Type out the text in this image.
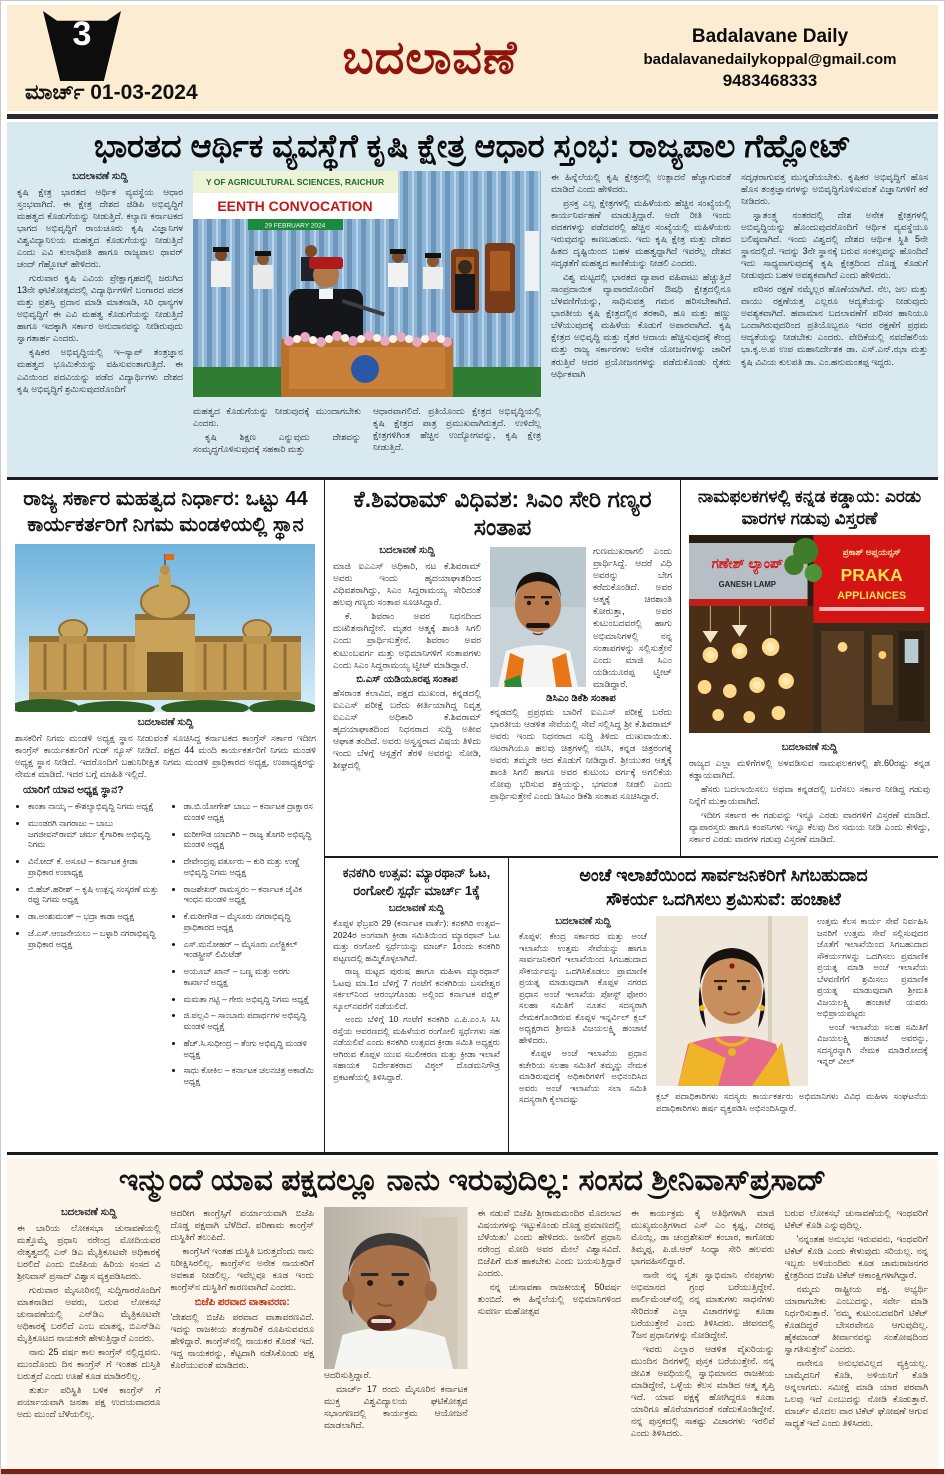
3
ಮಾರ್ಚ್ 01-03-2024
ಬದಲಾವಣೆ	Badalavane Daily
badalavanedailykoppal@gmail.com
9483468333
ಭಾರತದ ಆರ್ಥಿಕ ವ್ಯವಸ್ಥೆಗೆ ಕೃಷಿ ಕ್ಷೇತ್ರ ಆಧಾರ ಸ್ತಂಭ: ರಾಜ್ಯಪಾಲ ಗೆಹ್ಲೋಟ್
ಬದಲಾವಣೆ ಸುದ್ದಿ

ಕೃಷಿ ಕ್ಷೇತ್ರ ಭಾರತದ ಆರ್ಥಿಕ ವ್ಯವಸ್ಥೆಯ ಆಧಾರ ಸ್ತಂಭವಾಗಿದೆ. ಈ ಕ್ಷೇತ್ರ ದೇಶದ ಜಿಡಿಪಿ ಅಭಿವೃದ್ಧಿಗೆ ಮಹತ್ವದ ಕೊಡುಗೆಯನ್ನು ನೀಡುತ್ತಿದೆ. ಕಲ್ಯಾಣ ಕರ್ನಾಟಕದ ಭಾಗದ ಅಭಿವೃದ್ಧಿಗೆ ರಾಯಚೂರು ಕೃಷಿ ವಿಜ್ಞಾನಿಗಳ ವಿಶ್ವವಿದ್ಯಾನಿಲಯ ಮಹತ್ವದ ಕೊಡುಗೆಯನ್ನು ನೀಡುತ್ತಿದೆ ಎಂದು ಎವಿ ಕುಲಾಧಿಪತಿ ಹಾಗೂ ರಾಜ್ಯಪಾಲ ಥಾವರ್ ಚಂದ್ ಗೆಹ್ಲೋಟ್ ಹೇಳಿದರು.

ಗುರುವಾರ ಕೃಷಿ ಎವಿಯ ಪ್ರೇಕ್ಷಾಗೃಹದಲ್ಲಿ ಜರುಗಿದ 13ನೇ ಘಟಿಕೋತ್ಸವದಲ್ಲಿ ವಿದ್ಯಾರ್ಥಿಗಳಿಗೆ ಬಂಗಾರದ ಪದಕ ಮತ್ತು ಪ್ರಶಸ್ತಿ ಪ್ರದಾನ ಮಾಡಿ ಮಾತನಾಡಿ, ಸಿರಿ ಧಾನ್ಯಗಳ ಅಭಿವೃದ್ಧಿಗೆ ಈ ಎವಿ ಮಹತ್ವ ಕೊಡುಗೆಯನ್ನು ನೀಡುತ್ತಿದೆ ಹಾಗೂ ಇದಕ್ಕಾಗಿ ಸರ್ಕಾರ ಅನುದಾನವನ್ನು ನೀಡಿರುವುದು ಸ್ವಾಗತಾರ್ಹ ಎಂದರು.

ಕೃಷಿಕರ ಅಭಿವೃದ್ಧಿಯಲ್ಲಿ ಇ–ಸ್ಯಾಪ್ ತಂತ್ರಜ್ಞಾನ ಮಹತ್ವದ ಭೂಮಿಕೆಯನ್ನು ವಹಿಸುವಂತಾಗುತ್ತಿದೆ. ಈ ಎವಿಯಿಂದ ಪದವಿಯನ್ನು ಪಡೆದ ವಿದ್ಯಾರ್ಥಿಗಳು ದೇಶದ ಕೃಷಿ ಅಭಿವೃದ್ಧಿಗೆ ಶ್ರಮಿಸುವುದರೊಂದಿಗೆ

Y OF AGRICULTURAL SCIENCES, RAICHUR
EENTH CONVOCATION
29 FEBRUARY 2024

ಮಹತ್ವದ ಕೊಡುಗೆಯನ್ನು ನೀಡುವುದಕ್ಕೆ ಮುಂದಾಗಬೇಕು ಎಂದರು.

ಕೃಷಿ ಶಿಕ್ಷಣ ಎನ್ನುವುದು ದೇಶವನ್ನು ಸಂಮೃದ್ಧಗೊಳಿಸುವುದಕ್ಕೆ ಸಹಕಾರಿ ಮತ್ತು

ಆಧಾರವಾಗಲಿದೆ. ಪ್ರತಿಯೊಂದು ಕ್ಷೇತ್ರದ ಅಭಿವೃದ್ಧಿಯಲ್ಲಿ ಕೃಷಿ ಕ್ಷೇತ್ರದ ಪಾತ್ರ ಪ್ರಮುಖವಾಗಿರುತ್ತದೆ. ಉಳಿದೆಲ್ಲ ಕ್ಷೇತ್ರಗಳಿಗಿಂತ ಹೆಚ್ಚಿನ ಉದ್ಯೋಗವನ್ನು, ಕೃಷಿ ಕ್ಷೇತ್ರ ನೀಡುತ್ತಿದೆ.

ಈ ಹಿನ್ನೆಲೆಯಲ್ಲಿ ಕೃಷಿ ಕ್ಷೇತ್ರದಲ್ಲಿ ಉತ್ಪಾದನೆ ಹೆಚ್ಚಾಗುವಂತೆ ಮಾಡಿದೆ ಎಂದು ಹೇಳಿದರು.

ಪ್ರಸಕ್ತ ಎಲ್ಲ ಕ್ಷೇತ್ರಗಳಲ್ಲಿ ಮಹಿಳೆಯರು ಹೆಚ್ಚಿನ ಸಂಖ್ಯೆಯಲ್ಲಿ ಕಾರ್ಯನಿರ್ವಹಣೆ ಮಾಡುತ್ತಿದ್ದಾರೆ. ಅದೇ ರೀತಿ ಇಂದು ಪದಕಗಳನ್ನು ಪಡೆದವರಲ್ಲಿ ಹೆಚ್ಚಿನ ಸಂಖ್ಯೆಯಲ್ಲಿ ಮಹಿಳೆಯರು ಇರುವುದನ್ನು ಕಾಣಬಹುದು. ಇದು ಕೃಷಿ ಕ್ಷೇತ್ರ ಮತ್ತು ದೇಶದ ಹಿತದ ದೃಷ್ಟಿಯಿಂದ ಬಹಳ ಮಹತ್ವದ್ದಾಗಿದೆ ಇವರೆಲ್ಲ ದೇಶದ ಸದೃಢತೆಗೆ ಮಹತ್ವದ ಕಾಣಿಕೆಯನ್ನು ನೀಡಲಿ ಎಂದರು.

ವಿಶ್ವ ಮಟ್ಟದಲ್ಲಿ ಭಾರತದ ವ್ಯಾಪಾರ ವಹಿವಾಟು ಹೆಚ್ಚುತ್ತಿದೆ ಸಾಂಪ್ರದಾಯಿಕ ವ್ಯಾಪಾರದೊಂದಿಗೆ ಔಷಧಿ ಕ್ಷೇತ್ರದಲ್ಲಿನೂ ಬೆಳವಣಿಗೆಯನ್ನು, ಸಾಧಿಸುವತ್ತ ಗಮನ ಹರಿಸಬೇಕಾಗಿದೆ. ಭಾರತೀಯ ಕೃಷಿ ಕ್ಷೇತ್ರದಲ್ಲಿನ ತರಕಾರಿ, ಹೂ ಮತ್ತು ಹಣ್ಣು ಬೆಳೆಯುವುದಕ್ಕೆ ಮಹಿಳೆಯ ಕೊಡುಗೆ ಅಪಾರವಾಗಿದೆ. ಕೃಷಿ ಕ್ಷೇತ್ರದ ಅಭಿವೃದ್ಧಿ ಮತ್ತು ರೈತರ ಆದಾಯ ಹೆಚ್ಚಿಸುವುದಕ್ಕೆ ಕೇಂದ್ರ ಮತ್ತು ರಾಜ್ಯ ಸರ್ಕಾರಗಳು ಅನೇಕ ಯೋಜನೆಗಳನ್ನು ಜಾರಿಗೆ ತರುತ್ತಿವೆ ಆದರ ಪ್ರಯೋಜನಗಳನ್ನು ಪಡೆದುಕೊಂಡು ರೈತರು ಆರ್ಥಿಕವಾಗಿ

ಸದೃಢರಾಗುವತ್ತ ಮುನ್ನಡೆಯಬೇಕು. ಕೃಷಿಕರ ಅಭಿವೃದ್ಧಿಗೆ ಹೊಸ ಹೊಸ ತಂತ್ರಜ್ಞಾನಗಳನ್ನು ಅಬಿವೃದ್ಧಿಗೊಳಿಸುವಂತೆ ವಿಜ್ಞಾನಿಗಳಿಗೆ ಕರೆ ನೀಡಿದರು.

ಸ್ವಾತಂತ್ರ್ಯ ನಂತರದಲ್ಲಿ ದೇಶ ಅನೇಕ ಕ್ಷೇತ್ರಗಳಲ್ಲಿ ಅಬಿವೃದ್ಧಿಯನ್ನು ಹೊಂದುವುದರೊಂದಿಗೆ ಆರ್ಥಿಕ ವ್ಯವಸ್ಥೆಯೂ ಬಲಿಷ್ಠವಾಗಿದೆ. ಇಂದು ವಿಶ್ವದಲ್ಲಿ ದೇಶದ ಆರ್ಥಿಕ ಸ್ಥಿತಿ 5ನೇ ಸ್ಥಾನದಲ್ಲಿದೆ. ಇದನ್ನು 3ನೇ ಸ್ಥಾನಕ್ಕೆ ಬರುವ ಸಂಕಲ್ಪವನ್ನು ಹೊಂದಿದೆ ಇದು ಸಾಧ್ಯವಾಗುವುದಕ್ಕೆ ಕೃಷಿ ಕ್ಷೇತ್ರದಿಂದ ದೊಡ್ಡ ಕೊಡುಗೆ ನೀಡುವುದು ಬಹಳ ಅವಶ್ಯಕವಾಗಿದೆ ಎಂದು ಹೇಳಿದರು.

ಪರಿಸರ ರಕ್ಷಣೆ ನಮ್ಮೆಲ್ಲರ ಹೊಣೆಯಾಗಿದೆ. ನೆಲ, ಜಲ ಮತ್ತು ವಾಯು ರಕ್ಷಣೆಯತ್ತ ಎಲ್ಲರೂ ಆದ್ಯತೆಯನ್ನು ನೀಡುವುದು ಅವಶ್ಯಕವಾಗಿದೆ. ಹವಾಮಾನ ಬದಲಾವಣೆಗೆ ಪರಿಸರ ಹಾನಿಯೂ ಒಂದಾಗಿರುವುದರಿಂದ ಪ್ರತಿಯೊಬ್ಬರೂ ಇದರ ರಕ್ಷಣೆಗೆ ಪ್ರಥಮ ಆದ್ಯತೆಯನ್ನು ನೀಡಬೇಕು ಎಂದರು. ವೇದಿಕೆಯಲ್ಲಿ ನವದೆಹಲಿಯ ಭಾ.ಕೃ.ಅ.ಪ ಉಪ ಮಹಾನಿರ್ದೇಶಕ ಡಾ. ಎಸ್.ಎನ್.ಝಾ ಮತ್ತು ಕೃಷಿ ವಿವಿಯ ಕುಲಪತಿ ಡಾ. ಎಂ.ಹನುಮಂತಪ್ಪ ಇದ್ದರು.

ರಾಜ್ಯ ಸರ್ಕಾರ ಮಹತ್ವದ ನಿರ್ಧಾರ: ಒಟ್ಟು 44 ಕಾರ್ಯಕರ್ತರಿಗೆ ನಿಗಮ ಮಂಡಳಿಯಲ್ಲಿ ಸ್ಥಾನ
ಬದಲಾವಣೆ ಸುದ್ದಿ

ಶಾಸಕರಿಗೆ ನಿಗಮ ಮಂಡಳಿ ಅಧ್ಯಕ್ಷ ಸ್ಥಾನ ನೀಡುವಂತೆ ಸೂಚಿಸಿದ್ದ ಕರ್ನಾಟಕದ ಕಾಂಗ್ರೆಸ್ ಸರ್ಕಾರ ಇದೀಗ ಕಾಂಗ್ರೆಸ್ ಕಾರ್ಯಕರ್ತರಿಗೆ ಗುಡ್ ನ್ಯೂಸ್ ನೀಡಿದೆ. ಪಕ್ಷದ 44 ಮಂದಿ ಕಾರ್ಯಕರ್ತರಿಗೆ ನಿಗಮ ಮಂಡಳಿ ಅಧ್ಯಕ್ಷ ಸ್ಥಾನ ನೀಡಿದೆ. ಇದರೊಂದಿಗೆ ಬಹುನಿರೀಕ್ಷಿತ ನಿಗಮ ಮಂಡಳಿ ಪ್ರಾಧಿಕಾರದ ಅಧ್ಯಕ್ಷ, ಉಪಾಧ್ಯಕ್ಷರನ್ನು ನೇಮಕ ಮಾಡಿದೆ. ಇದರ ಬಗ್ಗೆ ಮಾಹಿತಿ ಇಲ್ಲಿದೆ.

ಯಾರಿಗೆ ಯಾವ ಅಧ್ಯಕ್ಷ ಸ್ಥಾನ?
• ಕಾಂತಾ ನಾಯ್ಕ – ಕೌಶಲ್ಯಾಭಿವೃದ್ಧಿ ನಿಗಮ ಅಧ್ಯಕ್ಷೆ
• ಮುಂಡರಗಿ ನಾಗರಾಜು – ಬಾಬು ಜಗಜೀವನ್‌ರಾಮ್ ಚರ್ಮ ಕೈಗಾರಿಕಾ ಅಭಿವೃದ್ಧಿ ನಿಗಮ
• ವಿನೋದ್ ಕೆ. ಅಸೂಟಿ – ಕರ್ನಾಟಕ ಕ್ರೀಡಾ ಪ್ರಾಧಿಕಾರ ಉಪಾಧ್ಯಕ್ಷ
• ಬಿ.ಹೆಚ್.ಹರೀಶ್ – ಕೃಷಿ ಉತ್ಪನ್ನ ಸಂಸ್ಕರಣೆ ಮತ್ತು ರಫ್ತು ನಿಗಮ ಅಧ್ಯಕ್ಷ
• ಡಾ.ಅಂಶುಮಂತ್ – ಭದ್ರಾ ಕಾಡಾ ಅಧ್ಯಕ್ಷ
• ಜೆ.ಎಸ್.ಆಂಜನೇಯಲು – ಬಳ್ಳಾರಿ ನಗರಾಭಿವೃದ್ಧಿ ಪ್ರಾಧಿಕಾರ ಅಧ್ಯಕ್ಷ
• ಡಾ.ಬಿ.ಯೋಗೇಶ್ ಬಾಬು – ಕರ್ನಾಟಕ ದ್ರಾಕ್ಷಾರಸ ಮಂಡಳಿ ಅಧ್ಯಕ್ಷ
• ಮರೀಗೌಡ ಯಾದಗಿರಿ – ರಾಜ್ಯ ತೊಗರಿ ಅಭಿವೃದ್ಧಿ ಮಂಡಳಿ ಅಧ್ಯಕ್ಷ
• ದೇವೇಂದ್ರಪ್ಪ ವರ್ತೂರು – ಕುರಿ ಮತ್ತು ಉಣ್ಣೆ ಅಭಿವೃದ್ಧಿ ನಿಗಮ ಅಧ್ಯಕ್ಷ
• ರಾಜಶೇಖರ್ ರಾಮಸ್ವರಂ – ಕರ್ನಾಟಕ ಜೈವಿಕ ಇಂಧನ ಮಂಡಳಿ ಅಧ್ಯಕ್ಷ
• ಕೆ.ಮರೀಗೌಡ – ಮೈಸೂರು ನಗರಾಭಿವೃದ್ಧಿ ಪ್ರಾಧಿಕಾರದ ಅಧ್ಯಕ್ಷ
• ಎಸ್.ಮನೋಹರ್ – ಮೈಸೂರು ಎಲೆಕ್ಟ್ರಿಕಲ್ ಇಂಡಸ್ಟ್ರೀಸ್ ಲಿಮಿಟೆಡ್
• ಅಯೂಬ್ ಖಾನ್ – ಬಣ್ಣ ಮತ್ತು ಅರಗು ಕಾರ್ಖಾನೆ ಅಧ್ಯಕ್ಷ
• ಮಮತಾ ಗಟ್ಟಿ – ಗೇರು ಅಭಿವೃದ್ಧಿ ನಿಗಮ ಅಧ್ಯಕ್ಷೆ
• ಜಿ.ಪಲ್ಲವಿ – ಸಾಂಬಾರು ಪದಾರ್ಥಗಳ ಅಭಿವೃದ್ಧಿ ಮಂಡಳಿ ಅಧ್ಯಕ್ಷೆ
• ಹೆಚ್.ಸಿ.ಸುಧೀಂದ್ರ – ತೆಂಗು ಅಭಿವೃದ್ಧಿ ಮಂಡಳಿ ಅಧ್ಯಕ್ಷ
• ಸಾಧು ಕೋಕಿಲ – ಕರ್ನಾಟಕ ಚಲನಚಿತ್ರ ಅಕಾಡೆಮಿ ಅಧ್ಯಕ್ಷ
ಕೆ.ಶಿವರಾಮ್ ವಿಧಿವಶ: ಸಿಎಂ ಸೇರಿ ಗಣ್ಯರ ಸಂತಾಪ
ಬದಲಾವಣೆ ಸುದ್ದಿ

ಮಾಜಿ ಐಎಎಸ್ ಅಧಿಕಾರಿ, ನಟ ಕೆ.ಶಿವರಾಮ್ ಅವರು ಇಂದು ಹೃದಯಾಘಾತದಿಂದ ವಿಧಿವಶರಾಗಿದ್ದು, ಸಿಎಂ ಸಿದ್ದರಾಮಯ್ಯ ಸೇರಿದಂತೆ ಹಲವು ಗಣ್ಯರು ಸಂತಾಪ ಸೂಚಿಸಿದ್ದಾರೆ.

ಕೆ. ಶಿವರಾಂ ಅವರ ನಿಧನದಿಂದ ದುಃಖಿತನಾಗಿದ್ದೇನೆ. ಮೃತರ ಆತ್ಮಕ್ಕೆ ಶಾಂತಿ ಸಿಗಲಿ ಎಂದು ಪ್ರಾರ್ಥಿಸುತ್ತೇನೆ. ಶಿವರಾಂ ಅವರ ಕುಟುಂಬವರ್ಗ ಮತ್ತು ಅಭಿಮಾನಿಗಳಿಗೆ ಸಂತಾಪಗಳು ಎಂದು ಸಿಎಂ ಸಿದ್ದರಾಮಯ್ಯ ಟ್ವೀಟ್ ಮಾಡಿದ್ದಾರೆ.

ಬಿ.ಎಸ್ ಯಡಿಯೂರಪ್ಪ ಸಂತಾಪ

ಹೆಸರಾಂತ ಕಲಾವಿದ, ಪಕ್ಷದ ಮುಖಂಡ, ಕನ್ನಡದಲ್ಲಿ ಐಎಎಸ್ ಪರೀಕ್ಷೆ ಬರೆದು ಕೀರ್ತಿಯಾಗಿದ್ದ ನಿವೃತ್ತ ಐಎಎಸ್ ಅಧಿಕಾರಿ ಕೆ.ಶಿವರಾಮ್ ಹೃದಯಾಘಾತದಿಂದ ನಿಧನರಾದ ಸುದ್ದಿ ಅತೀವ ಆಘಾತ ತಂದಿದೆ. ಅವರು ಅಸ್ವಸ್ಥರಾದ ವಿಷಯ ತಿಳಿದು ಇಂದು ಬೆಳಗ್ಗೆ ಆಸ್ಪತ್ರೆಗೆ ತೆರಳಿ ಅವರನ್ನು ನೋಡಿ, ಶೀಘ್ರದಲ್ಲಿ

ಗುಣಮುಖರಾಗಲಿ ಎಂದು ಪ್ರಾರ್ಥಿಸಿದ್ದೆ. ಆದರೆ ವಿಧಿ ಅವರನ್ನು ಬೇಗ ಕರೆದುಕೊಂಡಿದೆ. ಅವರ ಆತ್ಮಕ್ಕೆ ಚಿರಶಾಂತಿ ಕೋರುತ್ತಾ, ಅವರ ಕುಟುಂಬದವರಲ್ಲಿ ಹಾಗು ಅಭಿಮಾನಿಗಳಲ್ಲಿ ನನ್ನ ಸಂತಾಪಗಳನ್ನು ಸಲ್ಲಿಸುತ್ತೇನೆ ಎಂದು ಮಾಜಿ ಸಿಎಂ ಯಡಿಯೂರಪ್ಪ ಟ್ವೀಟ್ ಮಾಡಿದ್ದಾರೆ.

ಡಿಸಿಎಂ ಡಿಕೆಶಿ ಸಂತಾಪ

ಕನ್ನಡದಲ್ಲಿ ಪ್ರಪ್ರಥಮ ಬಾರಿಗೆ ಐಎಎಸ್ ಪರೀಕ್ಷೆ ಬರೆದು ಭಾರತೀಯ ಆಡಳಿತ ಸೇವೆಯಲ್ಲಿ ಸೇವೆ ಸಲ್ಲಿಸಿದ್ದ ಶ್ರೀ ಕೆ.ಶಿವರಾಮ್ ಅವರು ಇಂದು ನಿಧನರಾದ ಸುದ್ದಿ ತಿಳಿದು ದುಃಖವಾಯಿತು. ನಟರಾಗಿಯೂ ಹಲವು ಚಿತ್ರಗಳಲ್ಲಿ ನಟಿಸಿ, ಕನ್ನಡ ಚಿತ್ರರಂಗಕ್ಕೆ ಅವರು ತಮ್ಮದೇ ಆದ ಕೊಡುಗೆ ನೀಡಿದ್ದಾರೆ. ಶ್ರೀಯುತರ ಆತ್ಮಕ್ಕೆ ಶಾಂತಿ ಸಿಗಲಿ ಹಾಗೂ ಅವರ ಕುಟುಂಬ ವರ್ಗಕ್ಕೆ ಅಗಲಿಕೆಯ ನೋವು ಭರಿಸುವ ಶಕ್ತಿಯನ್ನು, ಭಗವಂತ ನೀಡಲಿ ಎಂದು ಪ್ರಾರ್ಥಿಸುತ್ತೇನೆ ಎಂದು ಡಿಸಿಎಂ ಡಿಕೆಶಿ ಸಂತಾಪ ಸೂಚಿಸಿದ್ದಾರೆ.

ನಾಮಫಲಕಗಳಲ್ಲಿ ಕನ್ನಡ ಕಡ್ಡಾಯ: ಎರಡು ವಾರಗಳ ಗಡುವು ವಿಸ್ತರಣೆ
ಗಣೇಶ್ ಲ್ಯಾಂಪ್
GANESH LAMP
ಪ್ರಕಾಶ್ ಅಪ್ಲಯನ್ಸಸ್
PRAKA
APPLIANCES
ಬದಲಾವಣೆ ಸುದ್ದಿ

ರಾಜ್ಯದ ಎಲ್ಲಾ ಮಳಿಗೆಗಳಲ್ಲಿ ಅಳವಡಿಸುವ ನಾಮಫಲಕಗಳಲ್ಲಿ ಶೇ.60ರಷ್ಟು ಕನ್ನಡ ಕಡ್ಡಾಯವಾಗಿದೆ.

ಹೆಸರು ಬದಲಾಯಿಸಲು ಅಥವಾ ಕನ್ನಡದಲ್ಲಿ ಬರೆಸಲು ಸರ್ಕಾರ ನೀಡಿದ್ದ ಗಡುವು ನಿನ್ನೆಗೆ ಮುಕ್ತಾಯವಾಗಿದೆ.

ಇದೀಗ ಸರ್ಕಾರ ಈ ಗಡುವನ್ನು ಇನ್ನೂ ಎರಡು ವಾರಗಳಿಗೆ ವಿಸ್ತರಣೆ ಮಾಡಿದೆ. ವ್ಯಾಪಾರಸ್ತರು ಹಾಗೂ ಕಂಪನಿಗಳು ಇನ್ನೂ ಕೆಲವು ದಿನ ಸಮಯ ನೀಡಿ ಎಂದು ಕೇಳಿದ್ದು, ಸರ್ಕಾರ ಎರಡು ವಾರಗಳ ಗಡುವು ವಿಸ್ತರಣೆ ಮಾಡಿದೆ.

ಕನಕಗಿರಿ ಉತ್ಸವ: ಮ್ಯಾರಥಾನ್ ಓಟ, ರಂಗೋಲಿ ಸ್ಪರ್ಧೆ ಮಾರ್ಚ್ 1ಕ್ಕೆ
ಬದಲಾವಣೆ ಸುದ್ದಿ

ಕೊಪ್ಪಳ ಫೆಬ್ರವರಿ 29 (ಕರ್ನಾಟಕ ವಾರ್ತೆ): ಕನಕಗಿರಿ ಉತ್ಸವ–2024ರ ಅಂಗವಾಗಿ ಕ್ರೀಡಾ ಸಮಿತಿಯಿಂದ ಮ್ಯಾರಥಾನ್ ಓಟ ಮತ್ತು ರಂಗೋಲಿ ಸ್ಪರ್ಧೆಯನ್ನು ಮಾರ್ಚ್ 1ರಂದು ಕನಕಗಿರಿ ಪಟ್ಟಣದಲ್ಲಿ ಹಮ್ಮಿಕೊಳ್ಳಲಾಗಿದೆ.

ರಾಜ್ಯ ಮಟ್ಟದ ಪುರುಷ ಹಾಗೂ ಮಹಿಳಾ ಮ್ಯಾರಥಾನ್ ಓಟವು ಮಾ.1ರ ಬೆಳಿಗ್ಗೆ 7 ಗಂಟೆಗೆ ಕನಕಗಿರಿಯ ಬಸವೇಶ್ವರ ಸರ್ಕಲ್‌ನಿಂದ ಆರಂಭಗೊಂಡು ಅಲ್ಲಿಂದ ಕರ್ನಾಟಕ ಪಬ್ಲಿಕ್ ಸ್ಕೂಲ್‌ನವರೆಗೆ ನಡೆಯಲಿದೆ.

ಅಂದು ಬೆಳಿಗ್ಗೆ 10 ಗಂಟೆಗೆ ಕನಕಗಿರಿ ಎ.ಪಿ.ಎಂ.ಸಿ ಸಿಸಿ ರಸ್ತೆಯ ಆವರಣದಲ್ಲಿ ಮಹಿಳೆಯರ ರಂಗೋಲಿ ಸ್ಪರ್ಧೆಗಳು ಸಹ ನಡೆಯಲಿವೆ ಎಂದು ಕನಕಗಿರಿ ಉತ್ಸವದ ಕ್ರೀಡಾ ಸಮಿತಿ ಅಧ್ಯಕ್ಷರು ಆಗಿರುವ ಕೊಪ್ಪಳ ಯುವ ಸಬಲೀಕರಣ ಮತ್ತು ಕ್ರೀಡಾ ಇಲಾಖೆ ಸಹಾಯಕ ನಿರ್ದೇಶಕರಾದ ವಿಠ್ಠಲ್ ದೊಡಮನಿಗೌಡ್ರ ಪ್ರಕಟಣೆಯಲ್ಲಿ ತಿಳಿಸಿದ್ದಾರೆ.

ಅಂಚೆ ಇಲಾಖೆಯಿಂದ ಸಾರ್ವಜನಿಕರಿಗೆ ಸಿಗಬಹುದಾದ
ಸೌಕರ್ಯ ಒದಗಿಸಲು ಶ್ರಮಿಸುವೆ: ಹಂಚಾಟೆ
ಬದಲಾವಣೆ ಸುದ್ದಿ

ಕೊಪ್ಪಳ: ಕೇಂದ್ರ ಸರ್ಕಾರದ ಮತ್ತು ಅಂಚೆ ಇಲಾಖೆಯ ಉತ್ತಮ ಸೇವೆಯನ್ನು ಹಾಗೂ ಸಾರ್ವಜನಿಕರಿಗೆ ಇಲಾಖೆಯಿಂದ ಸಿಗಬಹುದಾದ ಸೌಕರ್ಯವನ್ನು ಒದಗಿಸಿಕೊಡಲು ಪ್ರಾಮಾಣಿಕ ಪ್ರಯತ್ನ ಮಾಡುವುದಾಗಿ ಕೊಪ್ಪಳ ನಗರದ ಪ್ರಧಾನ ಅಂಚೆ ಇಲಾಖೆಯ ಪೋಸ್ಟ್ ಫೋರಂ ಸಲಹಾ ಸಮಿತಿಗೆ ನೂತನ ಸದಸ್ಯರಾಗಿ ನೇಮಕಗೊಂಡಿರುವ ಕೊಪ್ಪಳ ಇನ್ನರ್ವಿಲ್ ಕ್ಲಬ್ ಅಧ್ಯಕ್ಷರಾದ ಶ್ರೀಮತಿ ವಿಜಯಲಕ್ಷ್ಮಿ ಹಂಚಾಟೆ ಹೇಳಿದರು.

ಕೊಪ್ಪಳ ಅಂಚೆ ಇಲಾಖೆಯ ಪ್ರಧಾನ ಕಚೇರಿಯ ಸಲಹಾ ಸಮಿತಿಗೆ ತಮ್ಮನ್ನು ನೇಮಕ ಮಾಡಿರುವುದಕ್ಕೆ ಅಧಿಕಾರಿಗಳಿಗೆ ಅಭಿನಂದಿಸಿದ ಅವರು ಅಂಚೆ ಇಲಾಖೆಯ ಸಲಾ ಸಮಿತಿ ಸದಸ್ಯರಾಗಿ ಕೈಲಾದಷ್ಟು

ಉತ್ತಮ ಕೆಲಸ ಕಾರ್ಯ ಸೇವೆ ನಿರ್ವಹಿಸಿ ಜನರಿಗೆ ಉತ್ತಮ ಸೇವೆ ಸಲ್ಲಿಸುವುದರ ಜೊತೆಗೆ ಇಲಾಖೆಯಿಂದ ಸಿಗಬಹುದಾದ ಸೌಕರ್ಯಗಳನ್ನು ಒದಗಿಸಲು ಪ್ರಮಾಣಿಕ ಪ್ರಯತ್ನ ಮಾಡಿ ಅಂಚೆ ಇಲಾಖೆಯ ಬೆಳವಣಿಗೆಗೆ ಶ್ರಮಿಸಲು ಪ್ರಮಾಣಿಕ ಪ್ರಯತ್ನ ಮಾಡುವುದಾಗಿ ಶ್ರೀಮತಿ ವಿಜಯಲಕ್ಷ್ಮಿ ಹಂಚಾಟೆ ಯವರು ಅಭಿಪ್ರಾಯಪಟ್ಟರು

ಅಂಚೆ ಇಲಾಖೆಯ ಸಲಹ ಸಮಿತಿಗೆ ವಿಜಯಲಕ್ಷ್ಮಿ ಹಂಚಾಟೆ ಅವರನ್ನು, ಸದಸ್ಯರನ್ನಾಗಿ ನೇಮಕ ಮಾಡಿರೋದಕ್ಕೆ ಇನ್ನರ್ ವೀಲ್

ಕ್ಲಬ್ ಪದಾಧಿಕಾರಿಗಳು ಸದಸ್ಯರು ಕಾರ್ಯಕರ್ತರು ಅಭಿಮಾನಿಗಳು ವಿವಿಧ ಮಹಿಳಾ ಸಂಘಟನೆಯ ಪದಾಧಿಕಾರಿಗಳು ಹರ್ಷ ವ್ಯಕ್ತಪಡಿಸಿ ಅಭಿನಂದಿಸಿದ್ದಾರೆ.

ಇನ್ಮುಂದೆ ಯಾವ ಪಕ್ಷದಲ್ಲೂ ನಾನು ಇರುವುದಿಲ್ಲ: ಸಂಸದ ಶ್ರೀನಿವಾಸ್‌ಪ್ರಸಾದ್
ಬದಲಾವಣೆ ಸುದ್ದಿ

ಈ ಬಾರಿಯ ಲೋಕಸಭಾ ಚುನಾವಣೆಯಲ್ಲಿ ಮತ್ತೊಮ್ಮೆ ಪ್ರಧಾನಿ ನರೇಂದ್ರ ಮೋದಿಯವರ ನೇತೃತ್ವದಲ್ಲಿ ಎನ್ ಡಿಎ ಮೈತ್ರಿಕೂಟವೇ ಅಧಿಕಾರಕ್ಕೆ ಬರಲಿದೆ ಎಂದು ಬಿಜೆಪಿಯ ಹಿರಿಯ ಸಂಸದ ವಿ ಶ್ರೀನಿವಾಸ್ ಪ್ರಸಾದ್ ವಿಶ್ವಾಸ ವ್ಯಕ್ತಪಡಿಸಿದರು.

ಗುರುವಾರ ಮೈಸೂರಿನಲ್ಲಿ ಸುದ್ದಿಗಾರರೊಂದಿಗೆ ಮಾತನಾಡಿದ ಅವರು, ಬರುವ ಲೋಕಸಭೆ ಚುನಾವಣೆಯಲ್ಲಿ ಎನ್‌ಡಿಎ ಮೈತ್ರಿಕೂಟವೇ ಅಧಿಕಾರಕ್ಕೆ ಬರಲಿದೆ ಎಂಬ ಮಾತನ್ನ, ಬಿಎನ್‌ಡಿಎ ಮೈತ್ರಿಕೂಟದ ನಾಯಕರೇ ಹೇಳುತ್ತಿದ್ದಾರೆ ಎಂದರು.

ನಾನು 25 ವರ್ಷ ಕಾಲ ಕಾಂಗ್ರೆಸ್ ನಲ್ಲಿದ್ದವನು. ಮುಂದೊಂದು ದಿನ ಕಾಂಗ್ರೆಸ್ ಗೆ ಇಂತಹ ದುಸ್ತಿತಿ ಬರುತ್ತದೆ ಎಂದು ಊಹೆ ಕೂಡ ಮಾಡಿರಲಿಲ್ಲ.

ತುರ್ತು ಪರಿಸ್ಥಿತಿ ಬಳಿಕ ಕಾಂಗ್ರೆಸ್ ಗೆ ಪರ್ಯಾಯವಾಗಿ ಜನತಾ ಪಕ್ಷ ಉದಯವಾದರೂ ಅದು ಮುಂದೆ ಬೆಳೆಯಲಿಲ್ಲ.

ಆದರೀಗ ಕಾಂಗ್ರೆಸ್ಸಿಗೆ ಪರ್ಯಾಯವಾಗಿ ಬಿಜೆಪಿ ದೊಡ್ಡ ಪಕ್ಷವಾಗಿ ಬೆಳೆದಿದೆ. ಪರಿಣಾಮ ಕಾಂಗ್ರೆಸ್ ದುಸ್ಥಿತಿಗೆ ತಲುಪಿದೆ.

ಕಾಂಗ್ರೆಸಿಗೆ ಇಂತಹ ದುಸ್ಥಿತಿ ಬರುತ್ತದೆಂದು ನಾನು ನಿರೀಕ್ಷಿಸಿರಲಿಲ್ಲ. ಕಾಂಗ್ರೆಸ್‌ನ ಅನೇಕ ನಾಯಕರಿಗೆ ಅವಕಾಶ ನೀಡಲಿಲ್ಲ. ಇವೆಲ್ಲವೂ ಕೂಡ ಇಂದು ಕಾಂಗ್ರೆಸ್‌ನ ದುಸ್ಥಿತಿಗೆ ಕಾರಣವಾಗಿದೆ ಎಂದರು.

ಬಿಜೆಪಿ ಪರವಾದ ವಾತಾವರಣ:

'ದೇಶದಲ್ಲಿ ಬಿಜೆಪಿ ಪರವಾದ ವಾತಾವರಣವಿದೆ. ಇದನ್ನು ರಾಜಕೀಯ ತಂತ್ರಗಾರಿಕೆ ರೂಪಿಸುವವರೂ ಹೇಳಿದ್ದಾರೆ. ಕಾಂಗ್ರೆಸ್‌ನಲ್ಲಿ ನಾಯಕರ ಕೊರತೆ ಇದೆ. ಇದ್ದ ನಾಯಕರನ್ನು, ಕೆಟ್ಟದಾಗಿ ನಡೆಸಿಕೊಂಡು ಪಕ್ಷ ಕೊರೆಯುವಂತೆ ಮಾಡಿದರು.

ಆದರಿಸುತ್ತಿದ್ದಾರೆ.

ಮಾರ್ಚ್ 17 ರಂದು ಮೈಸೂರಿನ ಕರ್ನಾಟಕ ಮುಕ್ತ ವಿಶ್ವವಿದ್ಯಾಲಯ ಘಟಿಕೋತ್ಸವ ಸಭಾಂಗಣದಲ್ಲಿ ಕಾರ್ಯಕ್ರಮ ಆಯೋಜನೆ ಮಾಡಲಾಗಿದೆ.

ಈ ನಡುವೆ ಬಿಜೆಪಿ ಶ್ರೀರಾಮಮಂದಿರ ಮೊದಲಾದ ವಿಷಯಗಳನ್ನು ಇಟ್ಟುಕೊಂಡು ದೊಡ್ಡ ಪ್ರಮಾಣದಲ್ಲಿ ಬೆಳೆಯಿತು' ಎಂದು ಹೇಳಿದರು. ಜನರಿಗೆ ಪ್ರಧಾನಿ ನರೇಂದ್ರ ಮೋದಿ ಅವರ ಮೇಲೆ ವಿಶ್ವಾಸವಿದೆ. ಬಿಜೆಪಿಗೆ ಮತ ಹಾಕಬೇಕು ಎಂದು ಬಯಸುತ್ತಿದ್ದಾರೆ ಎಂದರು.

ನನ್ನ ಚುನಾವಣಾ ರಾಜಕೀಯಕ್ಕೆ 50ವರ್ಷ ತುಂಬಿದೆ. ಈ ಹಿನ್ನೆಲೆಯಲ್ಲಿ ಅಭಿಮಾನಿಗಳಿಂದ ಸುವರ್ಣ ಮಹೋತ್ಸವ

ಈ ಕಾರ್ಯಕ್ರಮ ಕೈ ಅತಿಥಿಗಳಾಗಿ ಮಾಜಿ ಮುಖ್ಯಮಂತ್ರಿಗಳಾದ ಎಸ್ ಎಂ ಕೃಷ್ಣ, ವೀರಪ್ಪ ಮೊಯ್ಲಿ, ಡಾ ಚಂದ್ರಶೇಖರ್ ಕಂಬಾರ, ಕಾಗೋಡು ತಿಮ್ಮಪ್ಪ, ಪಿ.ಜಿ.ಆರ್ ಸಿಂಧ್ಯಾ ಸೇರಿ ಹಲವರು ಭಾಗವಹಿಸಲಿದ್ದಾರೆ.

ನಾನೇ ನನ್ನ ಸ್ವತಃ ಸ್ವಾಭಿಮಾನಿ ನೆನಪುಗಳು ಅಭಿಮಾನದ ಗ್ರಂಥ ಬರೆಯುತ್ತಿದ್ದೇನೆ. ಪಾರ್ಲಿಮೆಂಟ್‌ನಲ್ಲಿ ನನ್ನ ಮಾತುಗಳು ಸಾಧನೆಗಳು ಸೇರಿದಂತೆ ಎಲ್ಲಾ ವಿಚಾರಗಳನ್ನು ಕೂಡಾ ಬರೆಯುತ್ತೇನೆ ಎಂದು ತಿಳಿಸಿದರು. ಜೀವನದಲ್ಲಿ 7ಜನ ಪ್ರಧಾನಿಗಳನ್ನು ನೋಡಿದ್ದೇನೆ.

ಇವರು ಎಲ್ಲಾರ ಆಡಳಿತ ವೈಖರಿಯನ್ನು ಮುಂದಿನ ದಿನಗಳಲ್ಲಿ ಪುಸ್ತಕ ಬರೆಯುತ್ತೇನೆ. ನನ್ನ ಜೀವಿತ ಅವಧಿಯಲ್ಲಿ ಸ್ವಾಭಿಮಾನದ ರಾಜಕೀಯ ಮಾಡಿದ್ದೇನೆ, ಒಳ್ಳೆಯ ಕೆಲಸ ಮಾಡಿದ ಆತ್ಮ ತೃಪ್ತಿ ಇದೆ. ಯಾವ ಪಕ್ಷಕ್ಕೆ ಹೋಗಿದ್ದರೂ ಕೂಡಾ ಯಾರಿಗೂ ಹೊರೆಯಾಗದಂತೆ ನಡೆದುಕೊಂಡಿದ್ದೇನೆ. ನನ್ನ ಪುಸ್ತಕದಲ್ಲಿ ಸಾಕಷ್ಟು ವಿಚಾರಗಳು ಇರಲಿವೆ ಎಂದು ತಿಳಿಸಿದರು.

ಬರುವ ಲೋಕಸಭೆ ಚುನಾವಣೆಯಲ್ಲಿ ಇಂಥವರಿಗೆ ಟಿಕೆಟ್ ಕೊಡಿ ಎನ್ನುವುದಿಲ್ಲ.

'ನನ್ನಂತಹ ಅನುಭವ ಇರುವವನು, ಇಂಥವರಿಗೆ ಟಿಕೆಟ್ ಕೊಡಿ ಎಂದು ಕೇಳುವುದು ಸರಿಯಲ್ಲ. ನನ್ನ ಇಬ್ಬರು ಅಳಿಯಂದಿರು ಕೂಡ ಚಾಮರಾಜನಗರ ಕ್ಷೇತ್ರದಿಂದ ಬಿಜೆಪಿ ಟಿಕೆಟ್ ಆಕಾಂಕ್ಷಿಗಳಾಗಿದ್ದಾರೆ.

ನಮ್ಮದು ರಾಷ್ಟ್ರೀಯ ಪಕ್ಷ. ಅಭ್ಯರ್ಥಿ ಯಾರಾಗಬೇಕು ಎಂಬುದನ್ನು, ಸರ್ವೇ ಮಾಡಿ ನಿರ್ಧರಿಸುತ್ತಾರೆ. 'ನಮ್ಮ ಕುಟುಂಬದವರಿಗೆ ಟಿಕೆಟ್ ಕೊಡದಿದ್ದರೆ ಬೇಸರವೇನೂ ಆಗುವುದಿಲ್ಲ. ಹೈಕಮಾಂಡ್ ತೀರ್ವಾನವನ್ನು ಸಂತೋಷದಿಂದ ಸ್ವಾಗತಿಸುತ್ತೇನೆ' ಎಂದರು.

ನಾನೇನೂ ಅನುಭವವಿಲ್ಲದ ವ್ಯಕ್ತಿಯಲ್ಲ. ಬಾಮೈದನಿಗೆ ಕೊಡಿ, ಅಳಿಯನಿಗೆ ಕೊಡಿ ಅನ್ನಲಾಗದು. ಸಮೀಕ್ಷೆ ಮಾಡಿ ಯಾರ ಪರವಾಗಿ ಒಲವು ಇದೆ ಎಂಬುದನ್ನು ನೋಡಿ ಕೊಡುತ್ತಾರೆ. ಮಾರ್ಚ್ ಮೊದಲ ವಾರ ಟಿಕೆಟ್ ಘೋಷಣೆ ಆಗುವ ಸಾಧ್ಯತೆ ಇದೆ ಎಂದು ತಿಳಿಸಿದರು.
